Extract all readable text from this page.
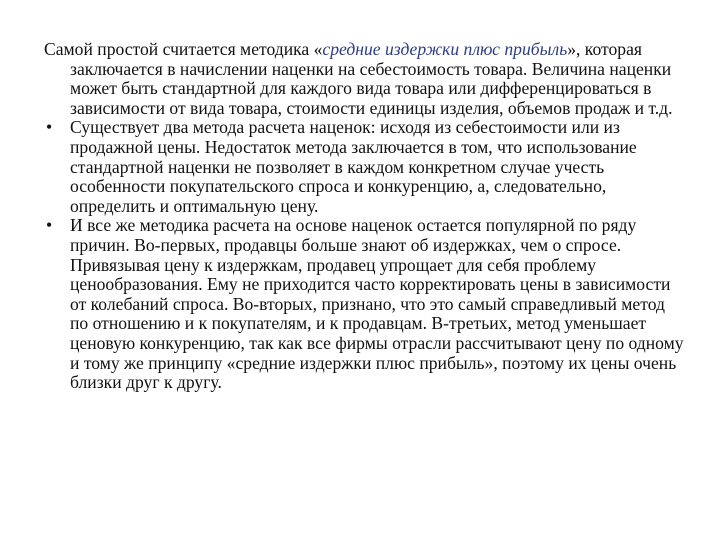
Самой простой считается методика «средние издержки плюс прибыль», которая заключается в начислении наценки на себестоимость товара. Величина наценки может быть стандартной для каждого вида товара или дифференцироваться в зависимости от вида товара, стоимости единицы изделия, объемов продаж и т.д.

•	Существует два метода расчета наценок: исходя из себестоимости или из продажной цены. Недостаток метода заключается в том, что использование стандартной наценки не позволяет в каждом конкретном случае учесть особенности покупательского спроса и конкуренцию, а, следовательно, определить и оптимальную цену.

•	И все же методика расчета на основе наценок остается популярной по ряду причин. Во-первых, продавцы больше знают об издержках, чем о спросе. Привязывая цену к издержкам, продавец упрощает для себя проблему ценообразования. Ему не приходится часто корректировать цены в зависимости от колебаний спроса. Во-вторых, признано, что это самый справедливый метод по отношению и к покупателям, и к продавцам. В-третьих, метод уменьшает ценовую конкуренцию, так как все фирмы отрасли рассчитывают цену по одному и тому же принципу «средние издержки плюс прибыль», поэтому их цены очень близки друг к другу.
